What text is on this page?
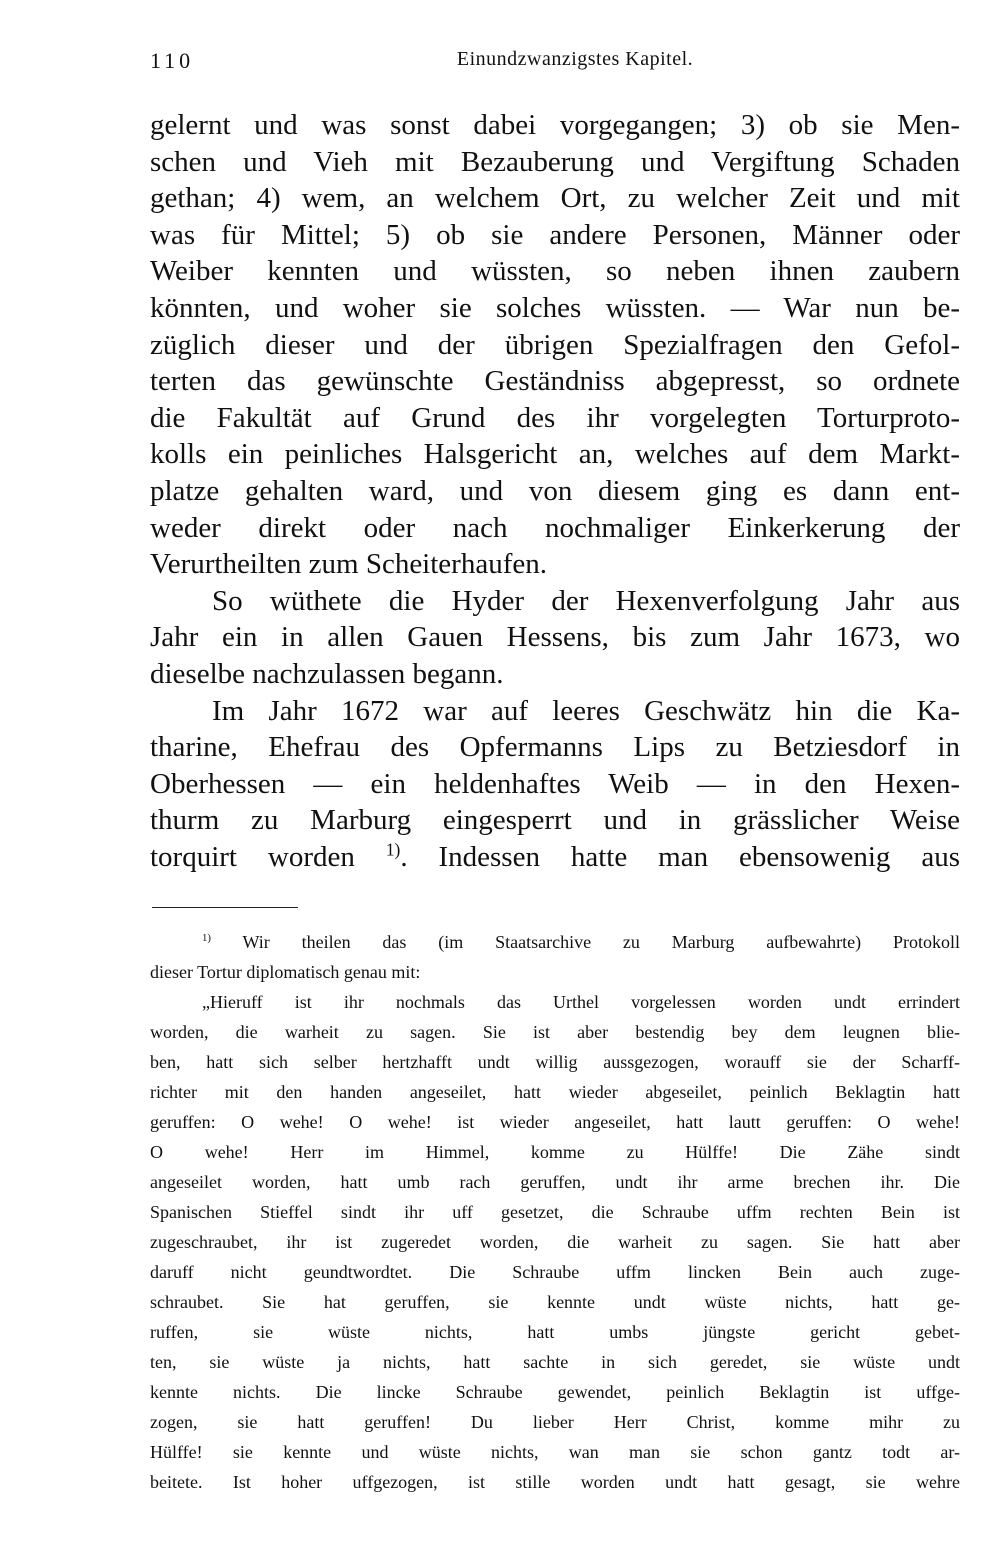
110	Einundzwanzigstes Kapitel.

gelernt und was sonst dabei vorgegangen; 3) ob sie Men-
schen und Vieh mit Bezauberung und Vergiftung Schaden
gethan; 4) wem, an welchem Ort, zu welcher Zeit und mit
was für Mittel; 5) ob sie andere Personen, Männer oder
Weiber kennten und wüssten, so neben ihnen zaubern
könnten, und woher sie solches wüssten. — War nun be-
züglich dieser und der übrigen Spezialfragen den Gefol-
terten das gewünschte Geständniss abgepresst, so ordnete
die Fakultät auf Grund des ihr vorgelegten Torturproto-
kolls ein peinliches Halsgericht an, welches auf dem Markt-
platze gehalten ward, und von diesem ging es dann ent-
weder direkt oder nach nochmaliger Einkerkerung der
Verurtheilten zum Scheiterhaufen.

So wüthete die Hyder der Hexenverfolgung Jahr aus
Jahr ein in allen Gauen Hessens, bis zum Jahr 1673, wo
dieselbe nachzulassen begann.

Im Jahr 1672 war auf leeres Geschwätz hin die Ka-
tharine, Ehefrau des Opfermanns Lips zu Betziesdorf in
Oberhessen — ein heldenhaftes Weib — in den Hexen-
thurm zu Marburg eingesperrt und in grässlicher Weise
torquirt worden $^{1)}$. Indessen hatte man ebensowenig aus

$^{1)}$ Wir theilen das (im Staatsarchive zu Marburg aufbewahrte) Protokoll
dieser Tortur diplomatisch genau mit:
„Hieruff ist ihr nochmals das Urthel vorgelessen worden undt errindert
worden, die warheit zu sagen. Sie ist aber bestendig bey dem leugnen blie-
ben, hatt sich selber hertzhafft undt willig aussgezogen, worauff sie der Scharff-
richter mit den handen angeseilet, hatt wieder abgeseilet, peinlich Beklagtin hatt
geruffen: O wehe! O wehe! ist wieder angeseilet, hatt lautt geruffen: O wehe!
O wehe! Herr im Himmel, komme zu Hülffe! Die Zähe sindt
angeseilet worden, hatt umb rach geruffen, undt ihr arme brechen ihr. Die
Spanischen Stieffel sindt ihr uff gesetzet, die Schraube uffm rechten Bein ist
zugeschraubet, ihr ist zugeredet worden, die warheit zu sagen. Sie hatt aber
daruff nicht geundtwordtet. Die Schraube uffm lincken Bein auch zuge-
schraubet. Sie hat geruffen, sie kennte undt wüste nichts, hatt ge-
ruffen, sie wüste nichts, hatt umbs jüngste gericht gebet-
ten, sie wüste ja nichts, hatt sachte in sich geredet, sie wüste undt
kennte nichts. Die lincke Schraube gewendet, peinlich Beklagtin ist uffge-
zogen, sie hatt geruffen! Du lieber Herr Christ, komme mihr zu
Hülffe! sie kennte und wüste nichts, wan man sie schon gantz todt ar-
beitete. Ist hoher uffgezogen, ist stille worden undt hatt gesagt, sie wehre
